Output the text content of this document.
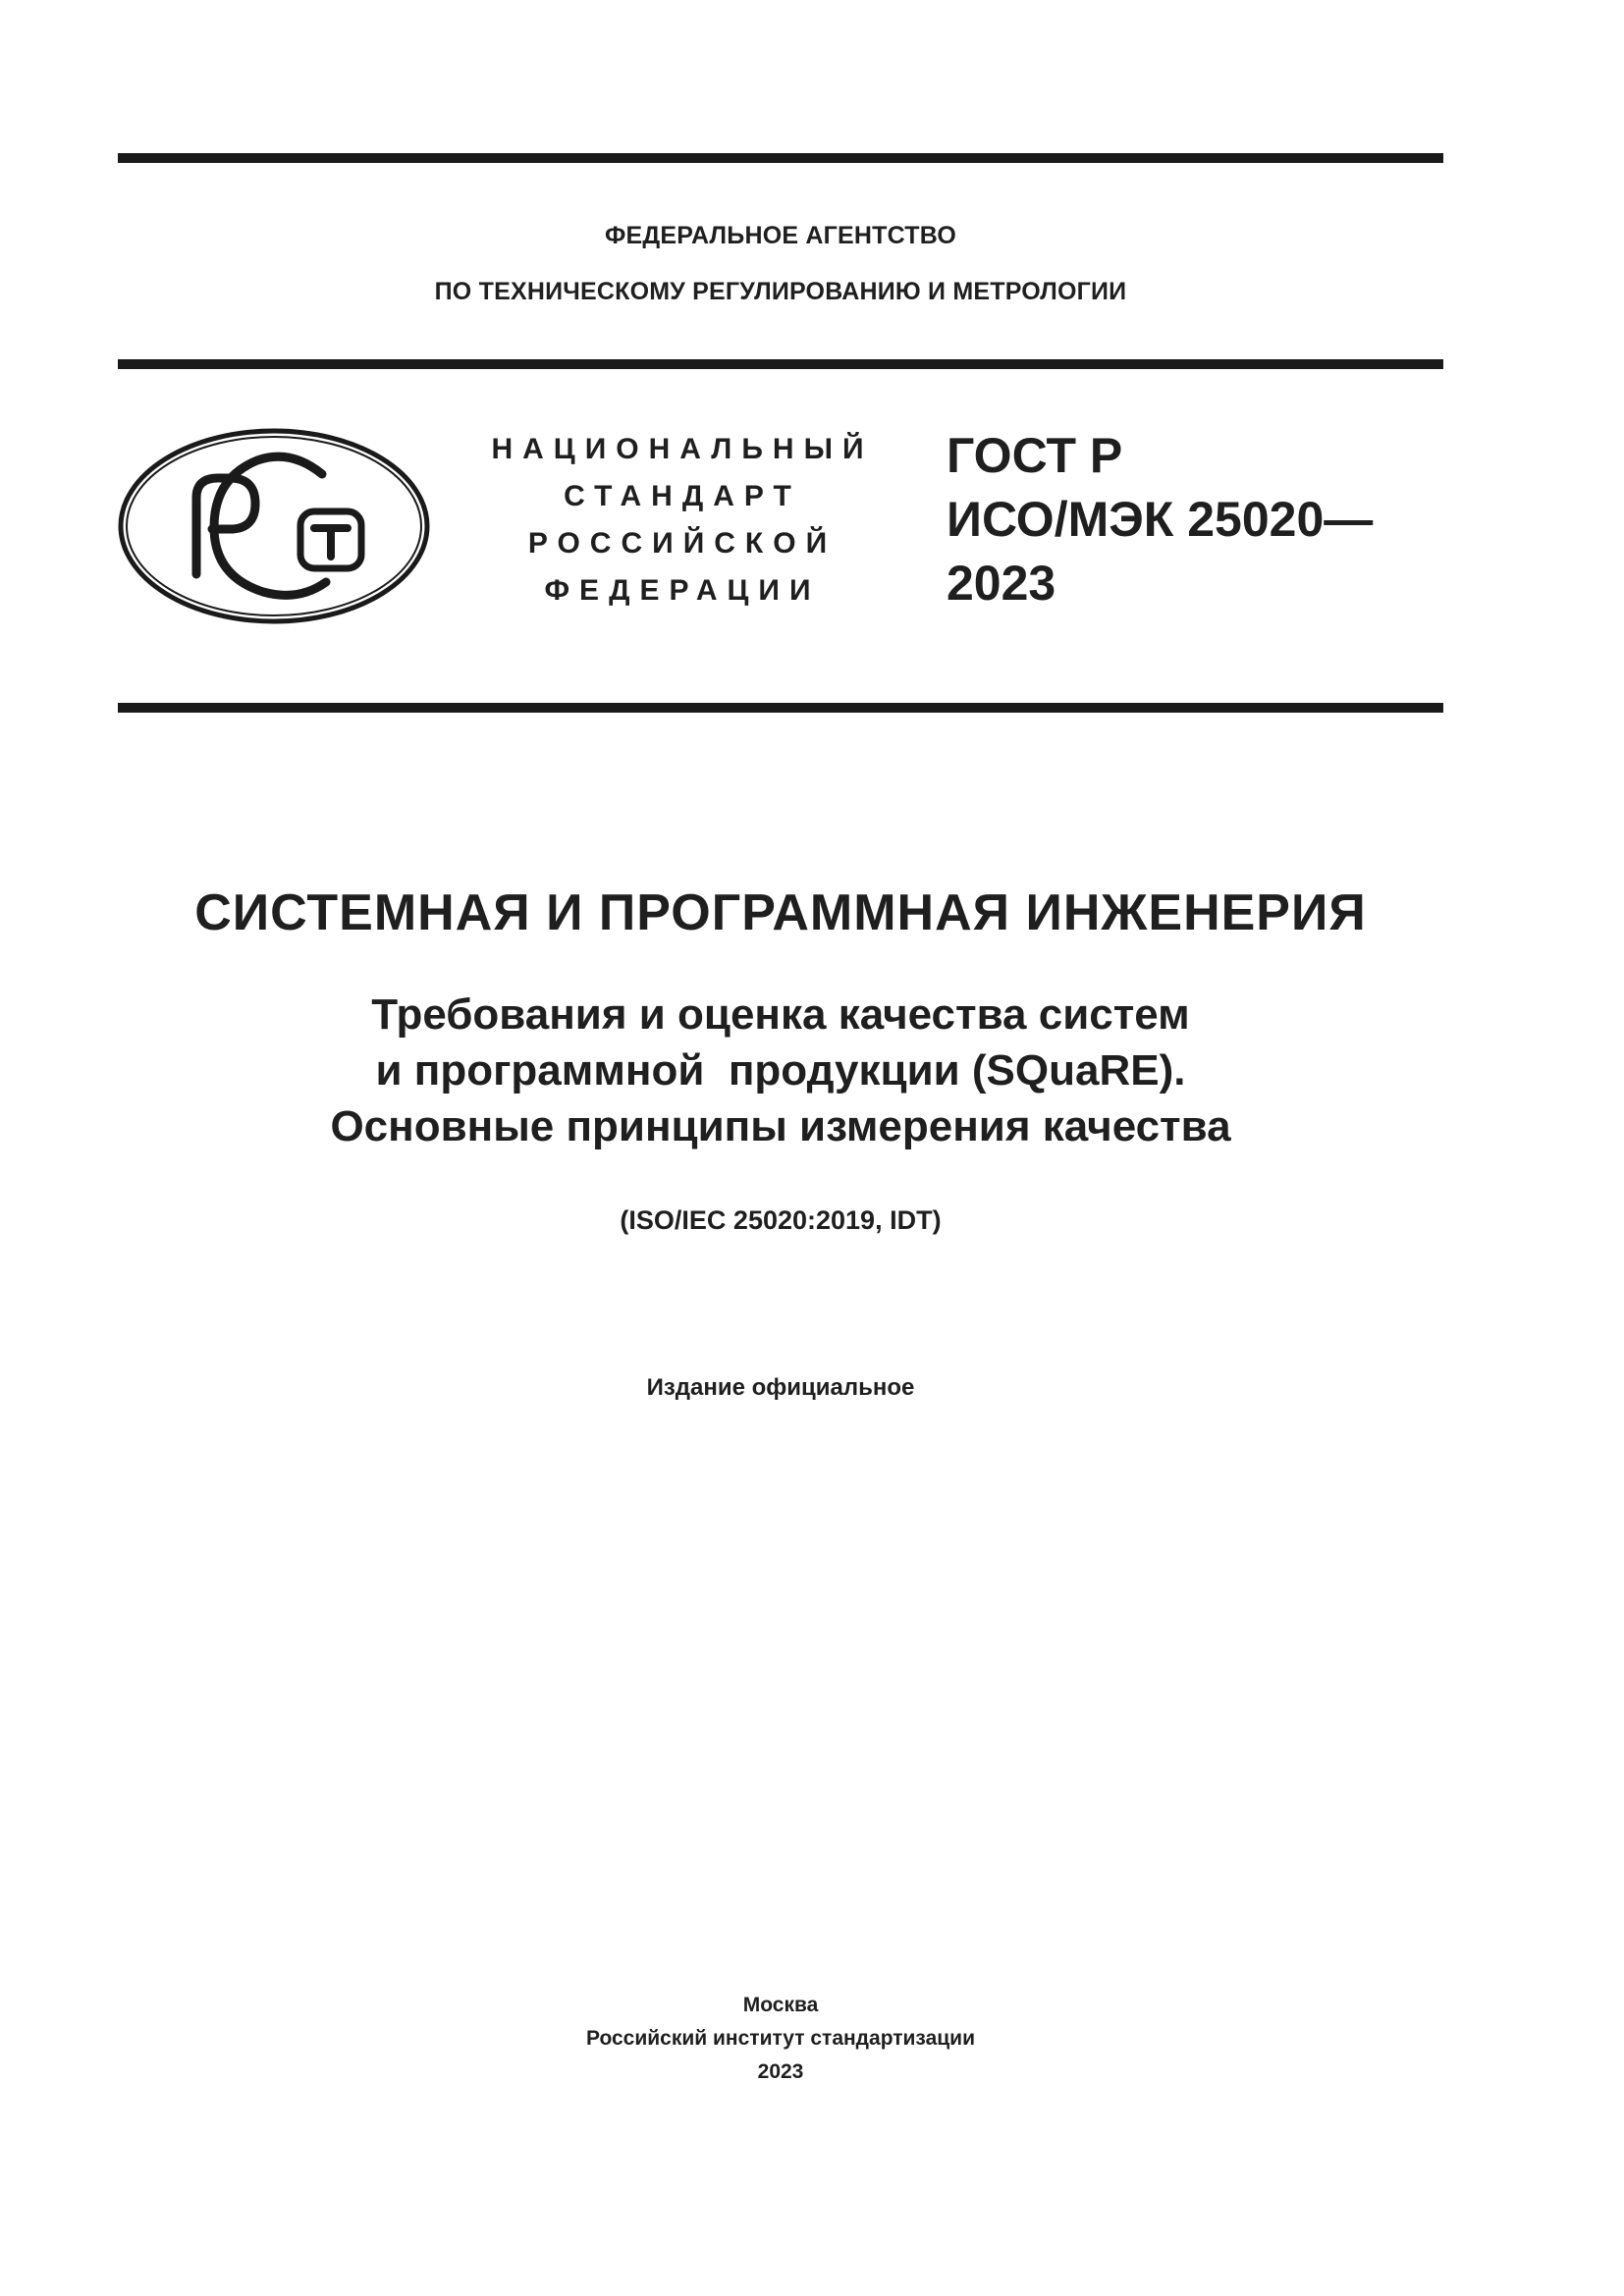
ФЕДЕРАЛЬНОЕ АГЕНТСТВО
ПО ТЕХНИЧЕСКОМУ РЕГУЛИРОВАНИЮ И МЕТРОЛОГИИ
НАЦИОНАЛЬНЫЙ
СТАНДАРТ
РОССИЙСКОЙ
ФЕДЕРАЦИИ
ГОСТ Р
ИСО/МЭК 25020—
2023
СИСТЕМНАЯ И ПРОГРАММНАЯ ИНЖЕНЕРИЯ
Требования и оценка качества систем
и программной  продукции (SQuaRE).
Основные принципы измерения качества
(ISO/IEC 25020:2019, IDT)
Издание официальное
Москва
Российский институт стандартизации
2023
